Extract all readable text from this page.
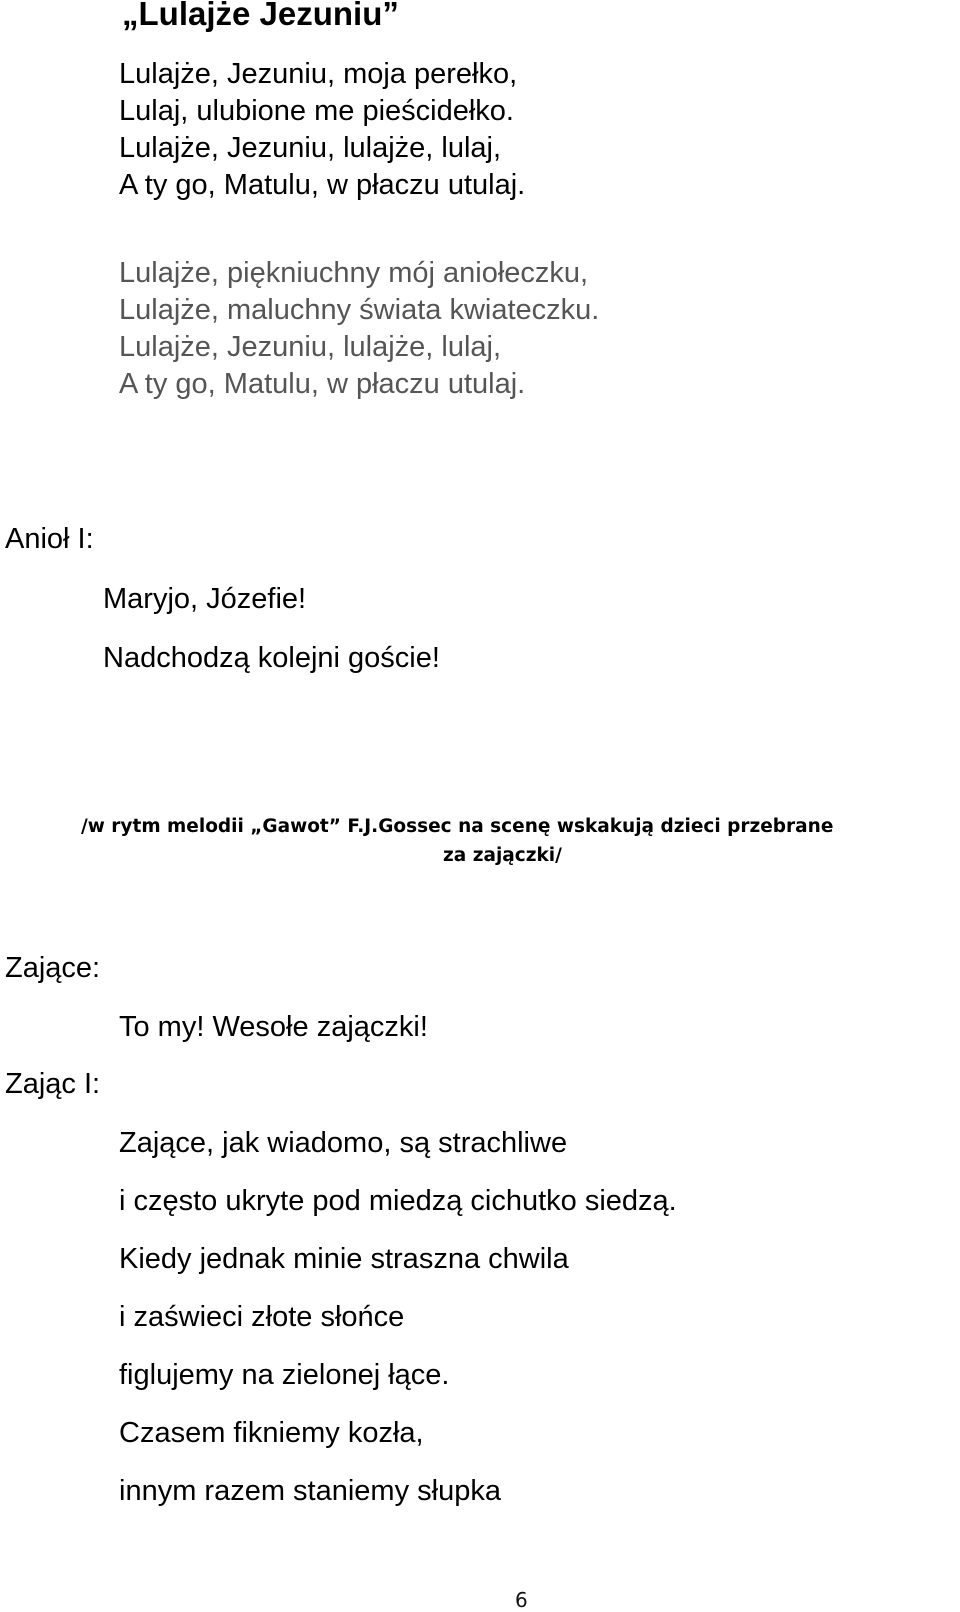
„Lulajże Jezuniu”
Lulajże, Jezuniu, moja perełko,
Lulaj, ulubione me pieścidełko.
Lulajże, Jezuniu, lulajże, lulaj,
A ty go, Matulu, w płaczu utulaj.
Lulajże, piękniuchny mój aniołeczku,
Lulajże, maluchny świata kwiateczku.
Lulajże, Jezuniu, lulajże, lulaj,
A ty go, Matulu, w płaczu utulaj.

Anioł I:

Maryjo, Józefie!

Nadchodzą kolejni goście!

/w rytm melodii „Gawot” F.J.Gossec na scenę wskakują dzieci przebrane

za zajączki/

Zające:

To my! Wesołe zajączki!

Zając I:

Zające, jak wiadomo, są strachliwe

i często ukryte pod miedzą cichutko siedzą.

Kiedy jednak minie straszna chwila

i zaświeci złote słońce

figlujemy na zielonej łące.

Czasem fikniemy kozła,

innym razem staniemy słupka

6
